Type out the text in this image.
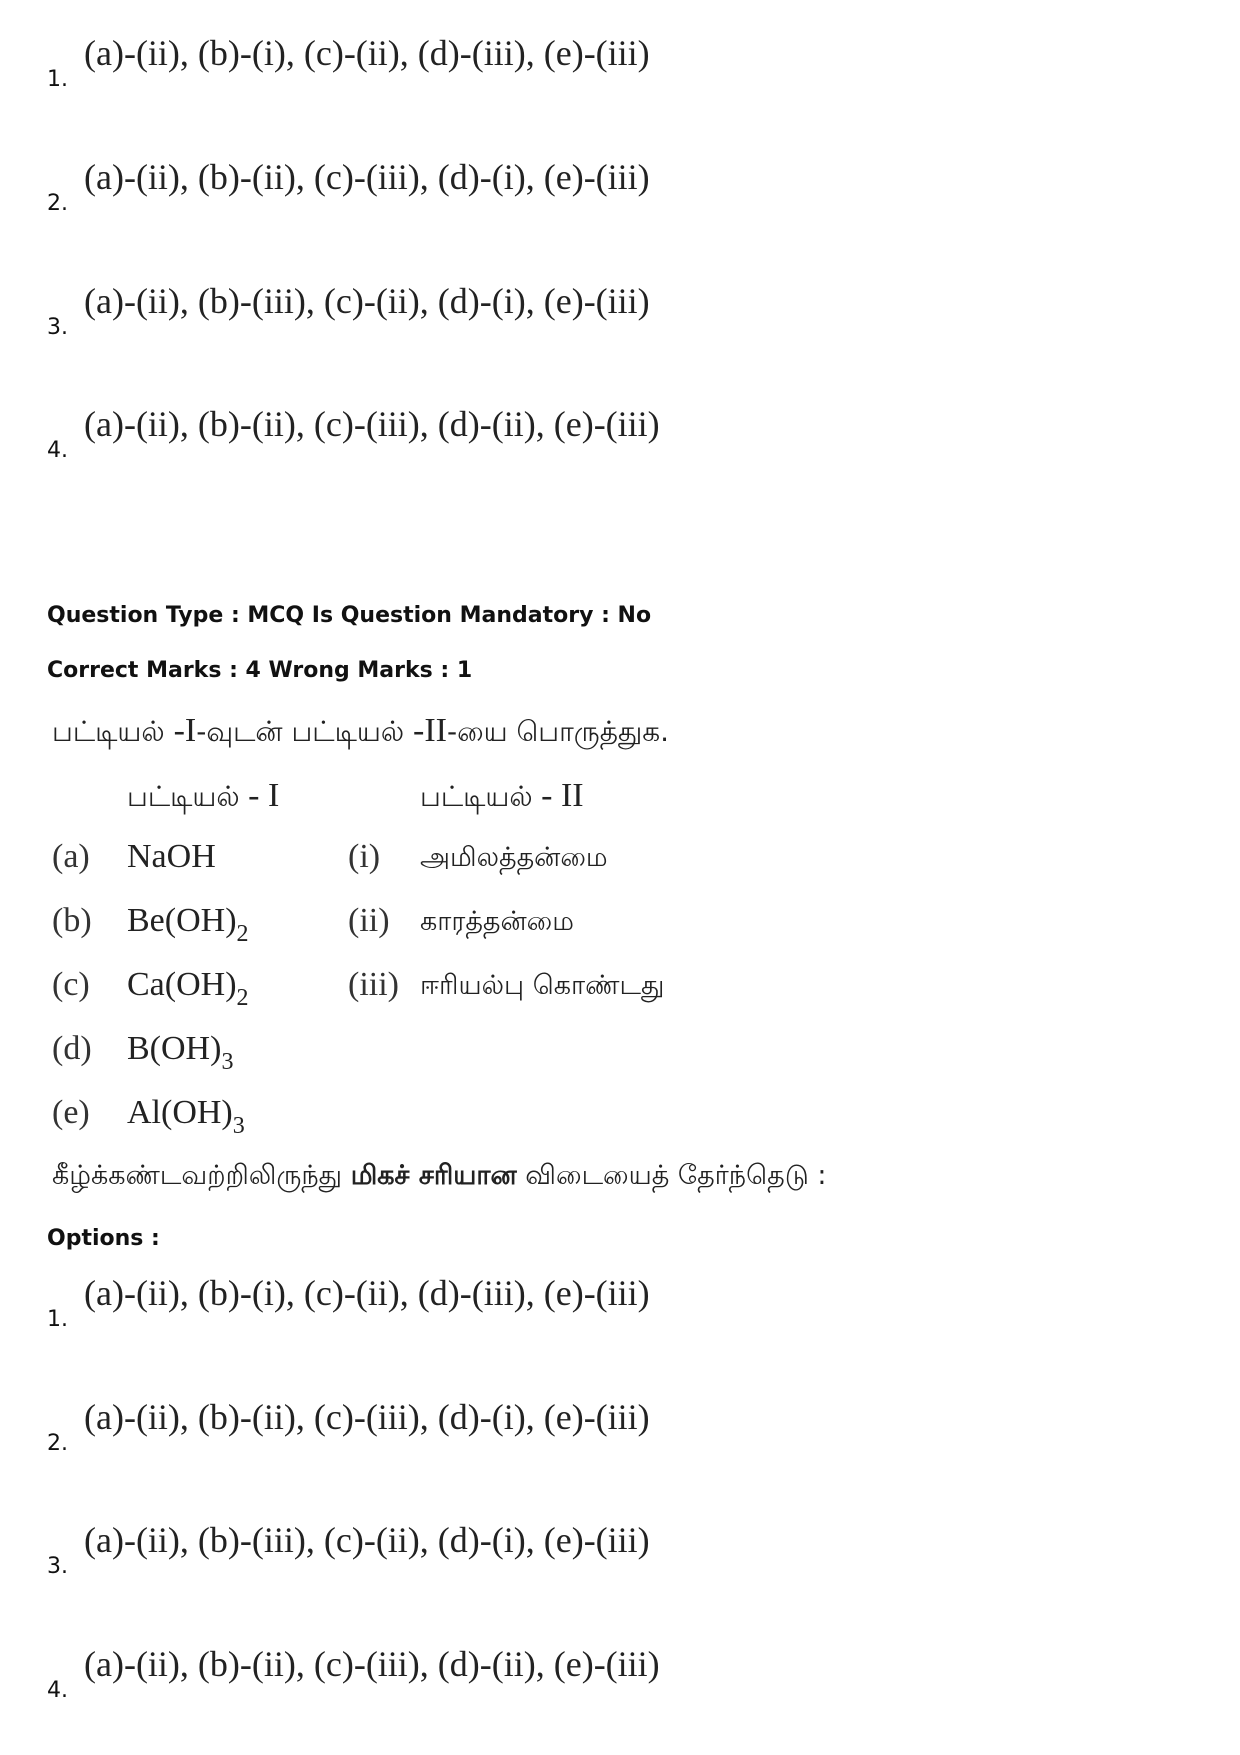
1.
(a)-(ii), (b)-(i), (c)-(ii), (d)-(iii), (e)-(iii)
2.
(a)-(ii), (b)-(ii), (c)-(iii), (d)-(i), (e)-(iii)
3.
(a)-(ii), (b)-(iii), (c)-(ii), (d)-(i), (e)-(iii)
4.
(a)-(ii), (b)-(ii), (c)-(iii), (d)-(ii), (e)-(iii)
Question Type : MCQ Is Question Mandatory : No
Correct Marks : 4 Wrong Marks : 1
பட்டியல் -I-வுடன் பட்டியல் -II-யை பொருத்துக.
பட்டியல் - I	பட்டியல் - II
(a) NaOH	(i) அமிலத்தன்மை
(b) $Be(OH)_2$	(ii) காரத்தன்மை
(c) $Ca(OH)_2$	(iii) ஈரியல்பு கொண்டது
(d) $B(OH)_3$
(e) $Al(OH)_3$
கீழ்க்கண்டவற்றிலிருந்து மிகச் சரியான விடையைத் தேர்ந்தெடு :
Options :
1.
(a)-(ii), (b)-(i), (c)-(ii), (d)-(iii), (e)-(iii)
2.
(a)-(ii), (b)-(ii), (c)-(iii), (d)-(i), (e)-(iii)
3.
(a)-(ii), (b)-(iii), (c)-(ii), (d)-(i), (e)-(iii)
4.
(a)-(ii), (b)-(ii), (c)-(iii), (d)-(ii), (e)-(iii)
